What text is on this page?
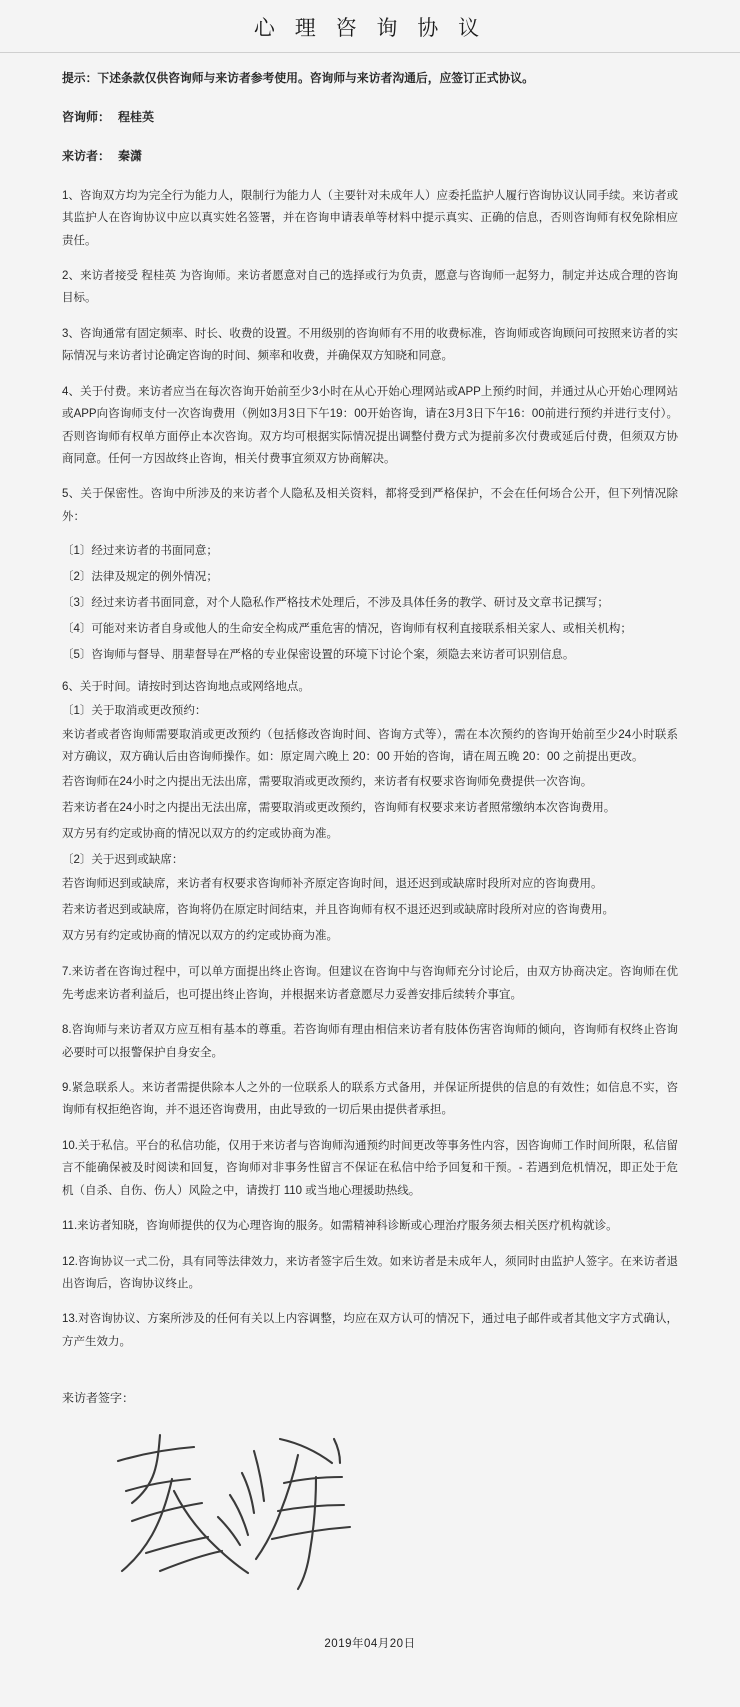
心 理 咨 询 协 议

提示：下述条款仅供咨询师与来访者参考使用。咨询师与来访者沟通后，应签订正式协议。

咨询师： 程桂英

来访者： 秦潇

1、咨询双方均为完全行为能力人，限制行为能力人（主要针对未成年人）应委托监护人履行咨询协议认同手续。来访者或其监护人在咨询协议中应以真实姓名签署，并在咨询申请表单等材料中提示真实、正确的信息，否则咨询师有权免除相应责任。

2、来访者接受 程桂英 为咨询师。来访者愿意对自己的选择或行为负责，愿意与咨询师一起努力，制定并达成合理的咨询目标。

3、咨询通常有固定频率、时长、收费的设置。不用级别的咨询师有不用的收费标准，咨询师或咨询顾问可按照来访者的实际情况与来访者讨论确定咨询的时间、频率和收费，并确保双方知晓和同意。

4、关于付费。来访者应当在每次咨询开始前至少3小时在从心开始心理网站或APP上预约时间，并通过从心开始心理网站或APP向咨询师支付一次咨询费用（例如3月3日下午19：00开始咨询，请在3月3日下午16：00前进行预约并进行支付）。否则咨询师有权单方面停止本次咨询。双方均可根据实际情况提出调整付费方式为提前多次付费或延后付费，但须双方协商同意。任何一方因故终止咨询，相关付费事宜须双方协商解决。

5、关于保密性。咨询中所涉及的来访者个人隐私及相关资料，都将受到严格保护，不会在任何场合公开，但下列情况除外：

〔1〕经过来访者的书面同意；

〔2〕法律及规定的例外情况；

〔3〕经过来访者书面同意，对个人隐私作严格技术处理后，不涉及具体任务的教学、研讨及文章书记撰写；

〔4〕可能对来访者自身或他人的生命安全构成严重危害的情况，咨询师有权利直接联系相关家人、或相关机构；

〔5〕咨询师与督导、朋辈督导在严格的专业保密设置的环境下讨论个案，须隐去来访者可识别信息。

6、关于时间。请按时到达咨询地点或网络地点。

〔1〕关于取消或更改预约：

来访者或者咨询师需要取消或更改预约（包括修改咨询时间、咨询方式等），需在本次预约的咨询开始前至少24小时联系对方确议，双方确认后由咨询师操作。如：原定周六晚上 20：00 开始的咨询，请在周五晚 20：00 之前提出更改。

若咨询师在24小时之内提出无法出席，需要取消或更改预约，来访者有权要求咨询师免费提供一次咨询。

若来访者在24小时之内提出无法出席，需要取消或更改预约，咨询师有权要求来访者照常缴纳本次咨询费用。

双方另有约定或协商的情况以双方的约定或协商为准。

〔2〕关于迟到或缺席：

若咨询师迟到或缺席，来访者有权要求咨询师补齐原定咨询时间，退还迟到或缺席时段所对应的咨询费用。

若来访者迟到或缺席，咨询将仍在原定时间结束，并且咨询师有权不退还迟到或缺席时段所对应的咨询费用。

双方另有约定或协商的情况以双方的约定或协商为准。

7.来访者在咨询过程中，可以单方面提出终止咨询。但建议在咨询中与咨询师充分讨论后，由双方协商决定。咨询师在优先考虑来访者利益后，也可提出终止咨询，并根据来访者意愿尽力妥善安排后续转介事宜。

8.咨询师与来访者双方应互相有基本的尊重。若咨询师有理由相信来访者有肢体伤害咨询师的倾向，咨询师有权终止咨询必要时可以报警保护自身安全。

9.紧急联系人。来访者需提供除本人之外的一位联系人的联系方式备用，并保证所提供的信息的有效性；如信息不实，咨询师有权拒绝咨询，并不退还咨询费用，由此导致的一切后果由提供者承担。

10.关于私信。平台的私信功能，仅用于来访者与咨询师沟通预约时间更改等事务性内容，因咨询师工作时间所限，私信留言不能确保被及时阅读和回复，咨询师对非事务性留言不保证在私信中给予回复和干预。- 若遇到危机情况，即正处于危机（自杀、自伤、伤人）风险之中，请拨打 110 或当地心理援助热线。

11.来访者知晓，咨询师提供的仅为心理咨询的服务。如需精神科诊断或心理治疗服务须去相关医疗机构就诊。

12.咨询协议一式二份，具有同等法律效力，来访者签字后生效。如来访者是未成年人，须同时由监护人签字。在来访者退出咨询后，咨询协议终止。

13.对咨询协议、方案所涉及的任何有关以上内容调整，均应在双方认可的情况下，通过电子邮件或者其他文字方式确认，方产生效力。

来访者签字：

2019年04月20日
